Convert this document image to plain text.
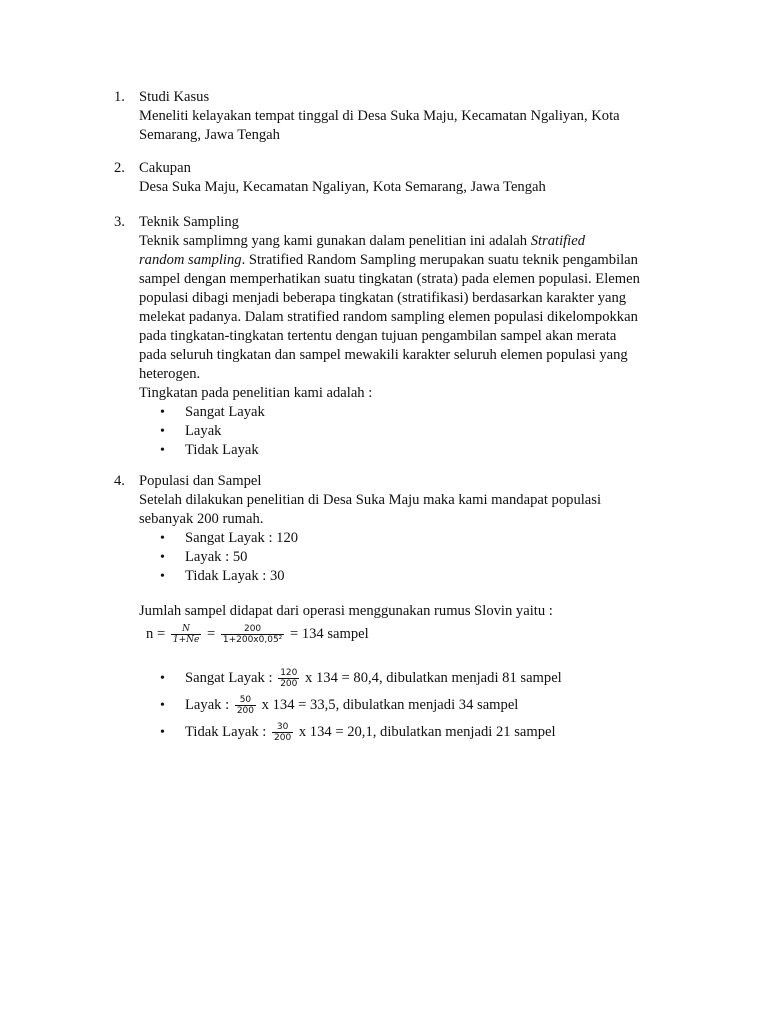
1. Studi Kasus
Meneliti kelayakan tempat tinggal di Desa Suka Maju, Kecamatan Ngaliyan, Kota
Semarang, Jawa Tengah
2. Cakupan
Desa Suka Maju, Kecamatan Ngaliyan, Kota Semarang, Jawa Tengah
3. Teknik Sampling
Teknik samplimng yang kami gunakan dalam penelitian ini adalah Stratified
random sampling. Stratified Random Sampling merupakan suatu teknik pengambilan
sampel dengan memperhatikan suatu tingkatan (strata) pada elemen populasi. Elemen
populasi dibagi menjadi beberapa tingkatan (stratifikasi) berdasarkan karakter yang
melekat padanya. Dalam stratified random sampling elemen populasi dikelompokkan
pada tingkatan-tingkatan tertentu dengan tujuan pengambilan sampel akan merata
pada seluruh tingkatan dan sampel mewakili karakter seluruh elemen populasi yang
heterogen.
Tingkatan pada penelitian kami adalah :
• Sangat Layak
• Layak
• Tidak Layak
4. Populasi dan Sampel
Setelah dilakukan penelitian di Desa Suka Maju maka kami mandapat populasi
sebanyak 200 rumah.
• Sangat Layak : 120
• Layak : 50
• Tidak Layak : 30
Jumlah sampel didapat dari operasi menggunakan rumus Slovin yaitu :
$n = \frac{N}{1+Ne} = \frac{200}{\text{1+200x0,05²}} = 134$ sampel
• Sangat Layak : $\frac{120}{200}$ x 134 = 80,4, dibulatkan menjadi 81 sampel
• Layak : $\frac{50}{200}$ x 134 = 33,5, dibulatkan menjadi 34 sampel
• Tidak Layak : $\frac{30}{200}$ x 134 = 20,1, dibulatkan menjadi 21 sampel
